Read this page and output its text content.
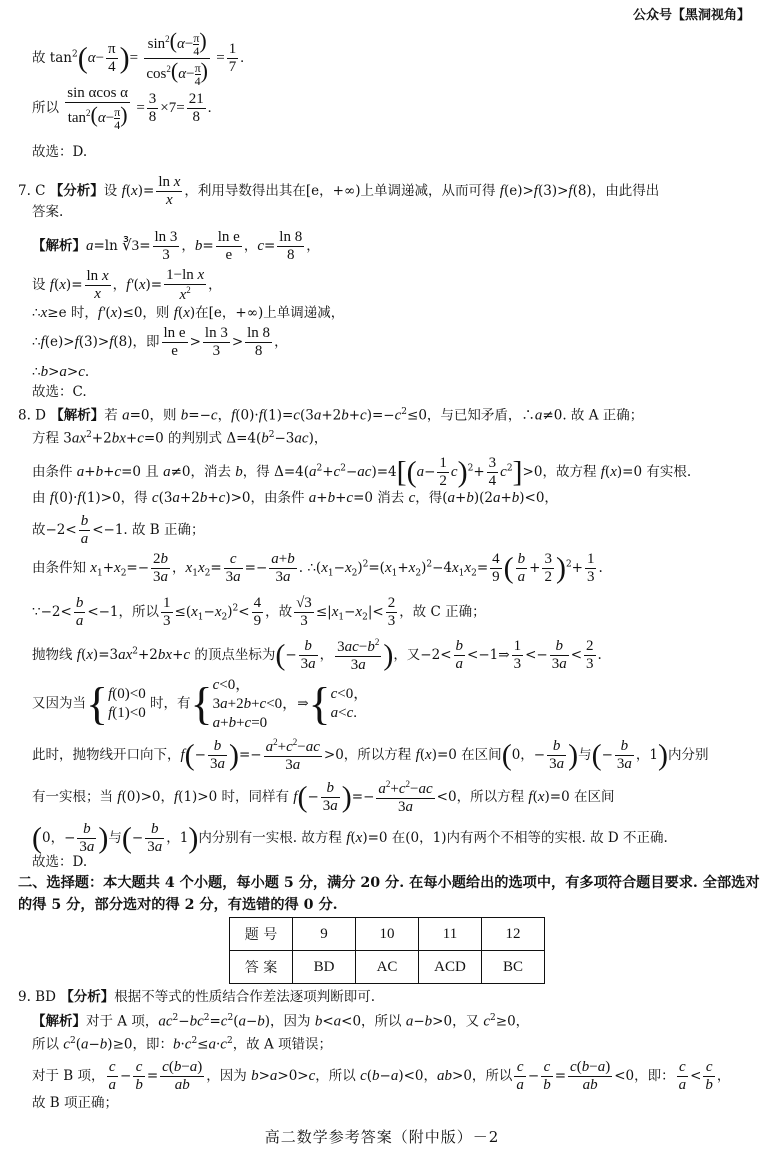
公众号【黑洞视角】
故 $\tan^2(\alpha- \frac{\pi}{4}$ )= $\frac{\sin^2(\alpha- \frac{\pi}{4} )}{\cos^2(\alpha- \frac{\pi}{4} )} = \frac{1}{7}$ .
所以 $\frac{\text{sin αcos α}}{\tan^2(\alpha- \frac{\pi}{4} )} = \frac{3}{8} \times 7= \frac{21}{8}$ .
故选：D.
7. C 【分析】设 $f(x)= \frac{\text{ln x}}{x}$ ，利用导数得出其在[e，+∞)上单调递减，从而可得 f(e)>f(3)>f(8)，由此得出
答案.
【解析】a=ln ∛3= $\frac{\ln 3}{3}$ ，$b= \frac{\text{ln e}}{e}$ ，$c= \frac{\ln 8}{8}$ ，
设 $f(x)= \frac{\text{ln x}}{x}$ ，$f'(x)= \frac{\text{1−ln x}}{x^2}$ ，
∴x≥e 时，f′(x)≤0，则 f(x)在[e，+∞)上单调递减，
∴f(e)>f(3)>f(8)，即 $\frac{\text{ln e}}{e} > \frac{\ln 3}{3} > \frac{\ln 8}{8}$ ，
∴b>a>c.
故选：C.
8. D 【解析】若 a=0，则 b=−c，$f(0)\cdot f(1)=c(3a+2b+c)=-c^2\le 0$，与已知矛盾，∴a≠0. 故 A 正确；
方程 $3ax^2+2bx+c=0$ 的判别式 $\Delta=4(b^2-3ac)$，
由条件 a+b+c=0 且 a≠0，消去 b，得 $\Delta=4(a^2+c^2-ac)=4[(a- \frac{1}{2} c)^2+ \frac{3}{4} c^2]>0$，故方程 f(x)=0 有实根.
由 f(0)·f(1)>0，得 c(3a+2b+c)>0，由条件 a+b+c=0 消去 c，得(a+b)(2a+b)<0，
故$-2< \frac{b}{a} <-1$. 故 B 正确；
由条件知 $x_1+x_2=- \frac{2b}{3a}$ ，$x_1x_2= \frac{c}{3a} =- \frac{a+b}{3a}$ . $\therefore(x_1-x_2)^2=(x_1+x_2)^2-4x_1x_2= \frac{4}{9}$ ( $\frac{b}{a} + \frac{3}{2} )^2+ \frac{1}{3}$ .
∵−2< $\frac{b}{a} <-1$，所以 $\frac{1}{3} \le(x_1-x_2)^2< \frac{4}{9}$ ，故 $\frac{√3}{3} \le|x_1-x_2|< \frac{2}{3}$ ，故 C 正确；
抛物线 $f(x)=3ax^2+2bx+c$ 的顶点坐标为(− $\frac{b}{3a}$ ， $\frac{3ac-b^2}{3a}$ )，又$-2< \frac{b}{a}$ <−1⇒ $\frac{1}{3} <- \frac{b}{3a} < \frac{2}{3}$ .
又因为当{f(0)<0
f(1)<0 时，有{c<0，
3a+2b+c<0，
a+b+c=0⇒{c<0，
a<c.
此时，抛物线开口向下，$f(- \frac{b}{3a}$ )=− $\frac{a^2+c^2-ac}{3a} >0$，所以方程 f(x)=0 在区间(0，− $\frac{b}{3a}$ )与(− $\frac{b}{3a}$ ，1)内分别
有一实根；当 f(0)>0，f(1)>0 时，同样有 $f(- \frac{b}{3a}$ )=− $\frac{a^2+c^2-ac}{3a} <0$，所以方程 f(x)=0 在区间
(0，− $\frac{b}{3a}$ )与(− $\frac{b}{3a}$ ，1)内分别有一实根. 故方程 f(x)=0 在(0，1)内有两个不相等的实根. 故 D 不正确.
故选：D.
二、选择题：本大题共 4 个小题，每小题 5 分，满分 20 分. 在每小题给出的选项中，有多项符合题目要求. 全部选对
的得 5 分，部分选对的得 2 分，有选错的得 0 分.
题 号	9	10	11	12
答 案	BD	AC	ACD	BC
9. BD 【分析】根据不等式的性质结合作差法逐项判断即可.
【解析】对于 A 项，$ac^2-bc^2=c^2(a-b)$，因为 b<a<0，所以 a−b>0，又 $c^2\ge 0$，
所以 $c^2(a-b)\ge 0$，即：$b\cdot c^2\le a\cdot c^2$，故 A 项错误；
对于 B 项， $\frac{c}{a} - \frac{c}{b} = \frac{c(b-a)}{ab}$ ，因为 b>a>0>c，所以 c(b−a)<0，ab>0，所以 $\frac{c}{a} - \frac{c}{b} = \frac{c(b-a)}{ab} <0$，即： $\frac{c}{a} < \frac{c}{b}$ ，
故 B 项正确；
高二数学参考答案（附中版）－2
